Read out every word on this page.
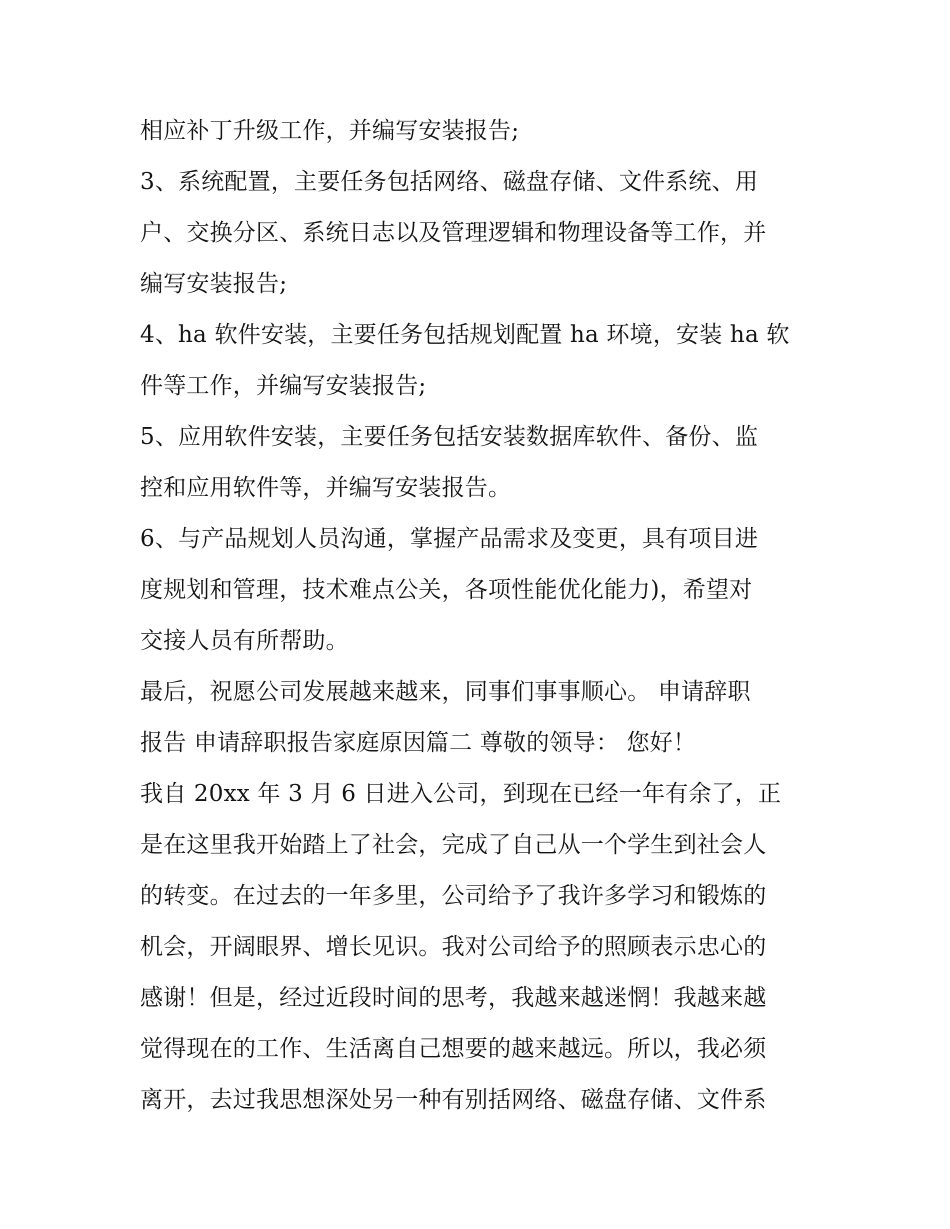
相应补丁升级工作，并编写安装报告;
3、系统配置，主要任务包括网络、磁盘存储、文件系统、用
户、交换分区、系统日志以及管理逻辑和物理设备等工作，并
编写安装报告;
4、ha 软件安装，主要任务包括规划配置 ha 环境，安装 ha 软
件等工作，并编写安装报告;
5、应用软件安装，主要任务包括安装数据库软件、备份、监
控和应用软件等，并编写安装报告。
6、与产品规划人员沟通，掌握产品需求及变更，具有项目进
度规划和管理，技术难点公关，各项性能优化能力)，希望对
交接人员有所帮助。
最后，祝愿公司发展越来越来，同事们事事顺心。 申请辞职
报告 申请辞职报告家庭原因篇二 尊敬的领导： 您好！
我自 20xx 年 3 月 6 日进入公司，到现在已经一年有余了，正
是在这里我开始踏上了社会，完成了自己从一个学生到社会人
的转变。在过去的一年多里，公司给予了我许多学习和锻炼的
机会，开阔眼界、增长见识。我对公司给予的照顾表示忠心的
感谢！但是，经过近段时间的思考，我越来越迷惘！我越来越
觉得现在的工作、生活离自己想要的越来越远。所以，我必须
离开，去过我思想深处另一种有别括网络、磁盘存储、文件系
